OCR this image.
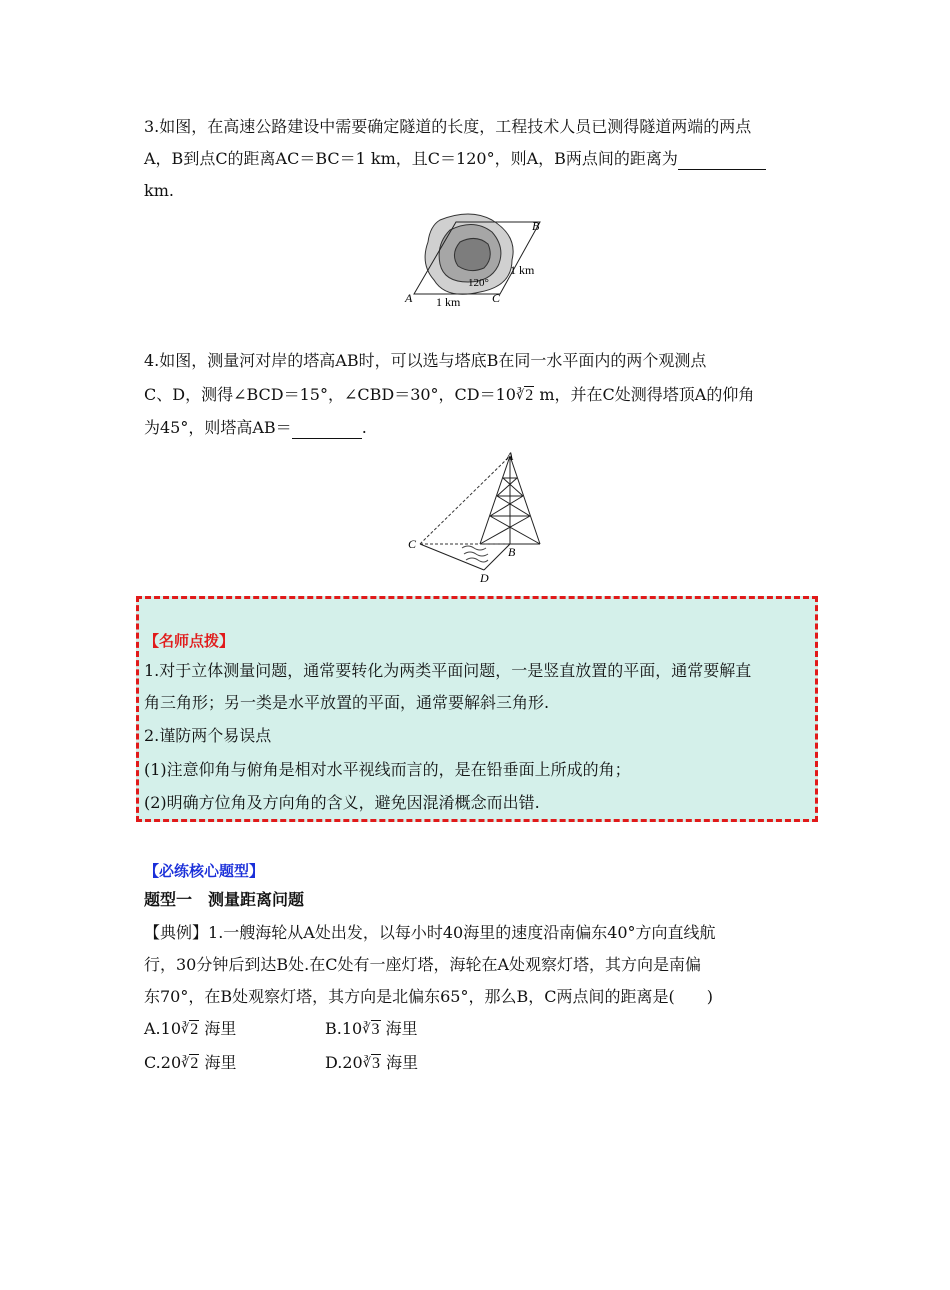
3.如图，在高速公路建设中需要确定隧道的长度，工程技术人员已测得隧道两端的两点
A，B到点C的距离AC＝BC＝1 km，且C＝120°，则A，B两点间的距离为
km.
B
1 km
120°
A 1 km	C
4.如图，测量河对岸的塔高AB时，可以选与塔底B在同一水平面内的两个观测点
C、D，测得∠BCD＝15°，∠CBD＝30°，CD＝10∛2 m，并在C处测得塔顶A的仰角
为45°，则塔高AB＝	.
A
C
B
D
【名师点拨】
1.对于立体测量问题，通常要转化为两类平面问题，一是竖直放置的平面，通常要解直
角三角形；另一类是水平放置的平面，通常要解斜三角形.
2.谨防两个易误点
(1)注意仰角与俯角是相对水平视线而言的，是在铅垂面上所成的角；
(2)明确方位角及方向角的含义，避免因混淆概念而出错.
【必练核心题型】
题型一　测量距离问题
【典例】1.一艘海轮从A处出发，以每小时40海里的速度沿南偏东40°方向直线航
行，30分钟后到达B处.在C处有一座灯塔，海轮在A处观察灯塔，其方向是南偏
东70°，在B处观察灯塔，其方向是北偏东65°，那么B，C两点间的距离是(　　)
A.10∛2 海里	B.10∛3 海里
C.20∛2 海里	D.20∛3 海里
